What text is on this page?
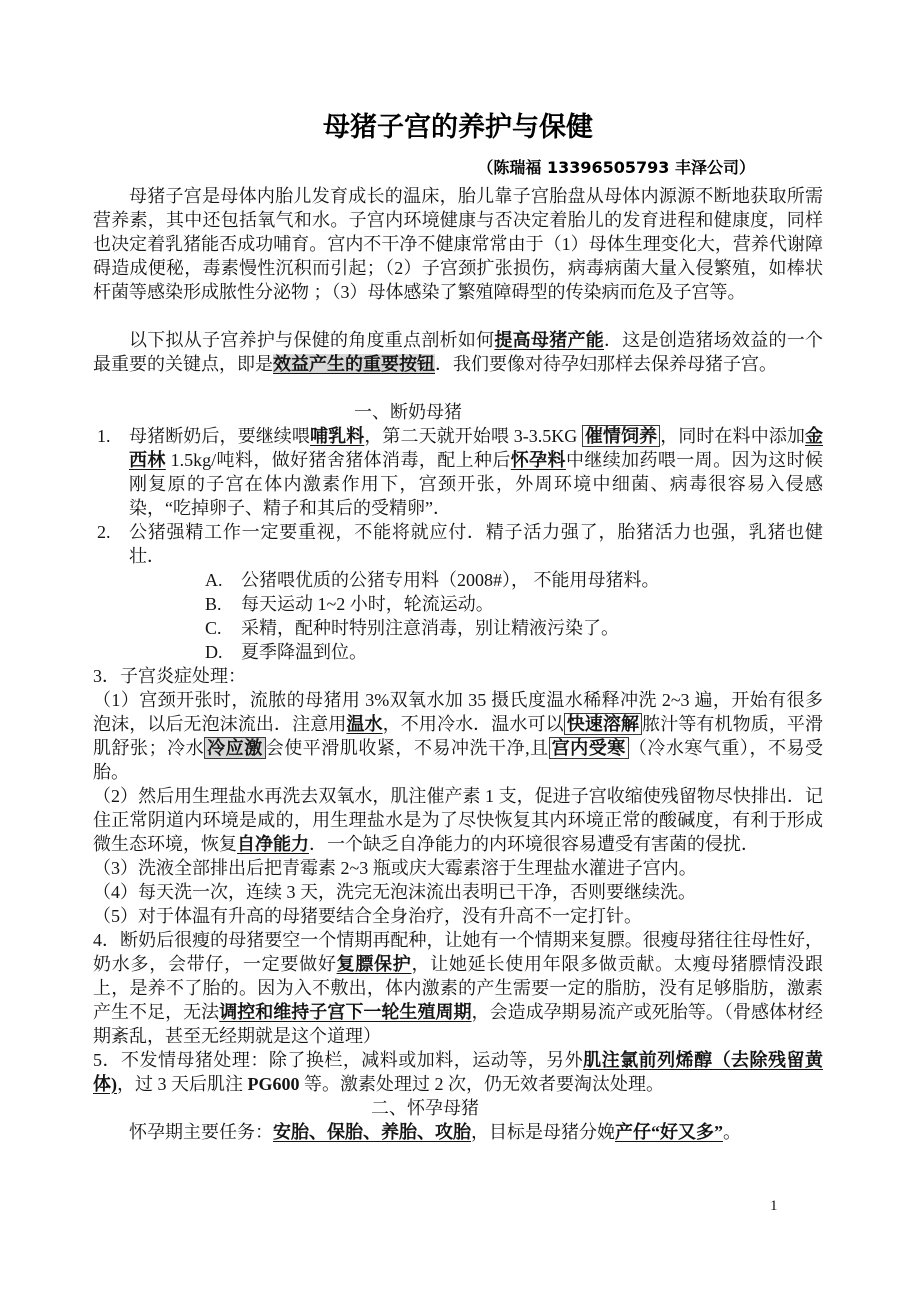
母猪子宫的养护与保健
（陈瑞福 13396505793 丰泽公司）

母猪子宫是母体内胎儿发育成长的温床，胎儿靠子宫胎盘从母体内源源不断地获取所需营养素，其中还包括氧气和水。子宫内环境健康与否决定着胎儿的发育进程和健康度，同样也决定着乳猪能否成功哺育。宫内不干净不健康常常由于（1）母体生理变化大，营养代谢障碍造成便秘，毒素慢性沉积而引起；（2）子宫颈扩张损伤，病毒病菌大量入侵繁殖，如棒状杆菌等感染形成脓性分泌物 ；（3）母体感染了繁殖障碍型的传染病而危及子宫等。

以下拟从子宫养护与保健的角度重点剖析如何提高母猪产能．这是创造猪场效益的一个最重要的关键点，即是效益产生的重要按钮．我们要像对待孕妇那样去保养母猪子宫。

一、断奶母猪

1. 母猪断奶后，要继续喂哺乳料，第二天就开始喂 3-3.5KG 催情饲养 ，同时在料中添加金西林 1.5kg/吨料，做好猪舍猪体消毒，配上种后怀孕料中继续加药喂一周。因为这时候刚复原的子宫在体内激素作用下，宫颈开张，外周环境中细菌、病毒很容易入侵感染，“吃掉卵子、精子和其后的受精卵”．

2. 公猪强精工作一定要重视，不能将就应付．精子活力强了，胎猪活力也强，乳猪也健壮．

A. 公猪喂优质的公猪专用料（2008#）， 不能用母猪料。

B. 每天运动 1~2 小时，轮流运动。

C. 采精，配种时特别注意消毒，别让精液污染了。

D. 夏季降温到位。

3．子宫炎症处理：

（1）宫颈开张时，流脓的母猪用 3%双氧水加 35 摄氏度温水稀释冲洗 2~3 遍，开始有很多泡沫，以后无泡沫流出．注意用温水，不用冷水．温水可以 快速溶解 脓汁等有机物质，平滑肌舒张；冷水 冷应激 会使平滑肌收紧，不易冲洗干净,且 宫内受寒 （冷水寒气重），不易受胎。

（2）然后用生理盐水再洗去双氧水，肌注催产素 1 支，促进子宫收缩使残留物尽快排出．记住正常阴道内环境是咸的，用生理盐水是为了尽快恢复其内环境正常的酸碱度，有利于形成微生态环境，恢复自净能力．一个缺乏自净能力的内环境很容易遭受有害菌的侵扰．

（3）洗液全部排出后把青霉素 2~3 瓶或庆大霉素溶于生理盐水灌进子宫内。

（4）每天洗一次，连续 3 天，洗完无泡沫流出表明已干净，否则要继续洗。

（5）对于体温有升高的母猪要结合全身治疗，没有升高不一定打针。

4．断奶后很瘦的母猪要空一个情期再配种，让她有一个情期来复膘。很瘦母猪往往母性好，奶水多，会带仔，一定要做好复膘保护，让她延长使用年限多做贡献。太瘦母猪膘情没跟上，是养不了胎的。因为入不敷出，体内激素的产生需要一定的脂肪，没有足够脂肪，激素产生不足，无法调控和维持子宫下一轮生殖周期，会造成孕期易流产或死胎等。（骨感体材经期紊乱，甚至无经期就是这个道理）

5．不发情母猪处理：除了换栏，减料或加料，运动等，另外肌注氯前列烯醇（去除残留黄体)，过 3 天后肌注 PG600 等。激素处理过 2 次，仍无效者要淘汰处理。

二、怀孕母猪

怀孕期主要任务：安胎、保胎、养胎、攻胎，目标是母猪分娩产仔“好又多”。

1
